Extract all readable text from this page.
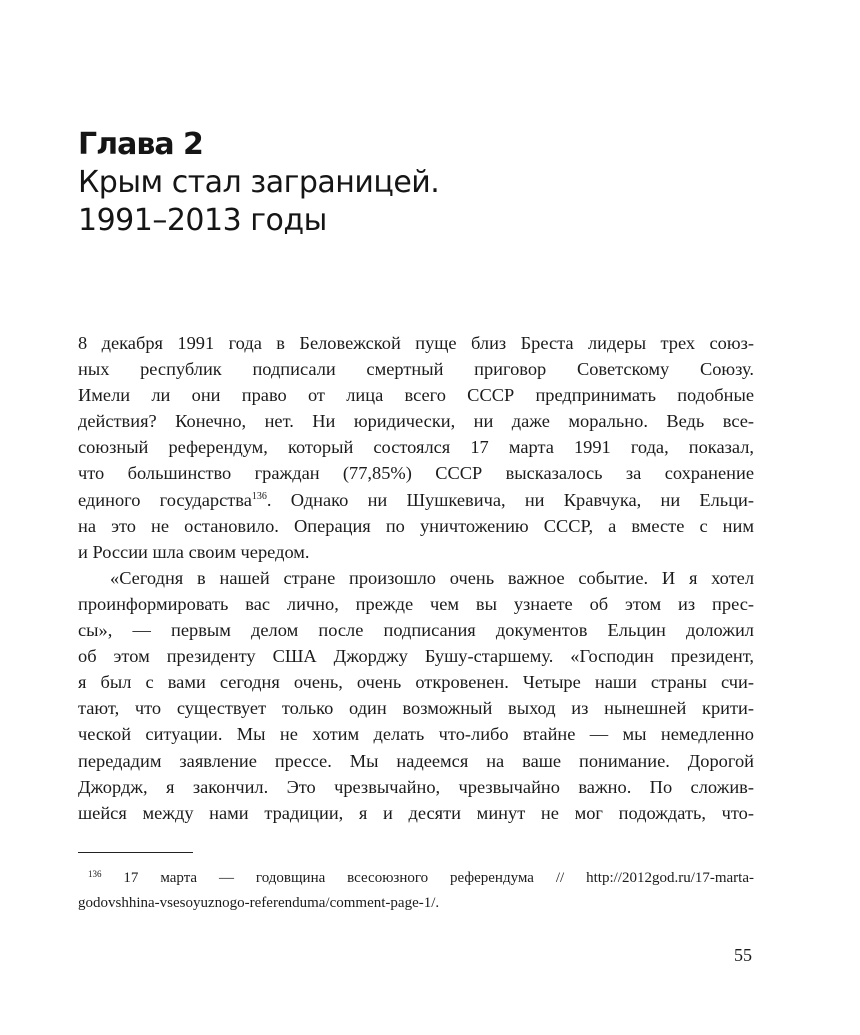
Глава 2
Крым стал заграницей.
1991–2013 годы
8 декабря 1991 года в Беловежской пуще близ Бреста лидеры трех союз-
ных республик подписали смертный приговор Советскому Союзу.
Имели ли они право от лица всего СССР предпринимать подобные
действия? Конечно, нет. Ни юридически, ни даже морально. Ведь все-
союзный референдум, который состоялся 17 марта 1991 года, показал,
что большинство граждан (77,85%) СССР высказалось за сохранение
единого государства$^{136}$. Однако ни Шушкевича, ни Кравчука, ни Ельци-
на это не остановило. Операция по уничтожению СССР, а вместе с ним
и России шла своим чередом.
«Сегодня в нашей стране произошло очень важное событие. И я хотел
проинформировать вас лично, прежде чем вы узнаете об этом из прес-
сы», — первым делом после подписания документов Ельцин доложил
об этом президенту США Джорджу Бушу-старшему. «Господин президент,
я был с вами сегодня очень, очень откровенен. Четыре наши страны счи-
тают, что существует только один возможный выход из нынешней крити-
ческой ситуации. Мы не хотим делать что-либо втайне — мы немедленно
передадим заявление прессе. Мы надеемся на ваше понимание. Дорогой
Джордж, я закончил. Это чрезвычайно, чрезвычайно важно. По сложив-
шейся между нами традиции, я и десяти минут не мог подождать, что-
$^{136}$ 17 марта — годовщина всесоюзного референдума // http://2012god.ru/17-marta-
godovshhina-vsesoyuznogo-referenduma/comment-page-1/.
55
